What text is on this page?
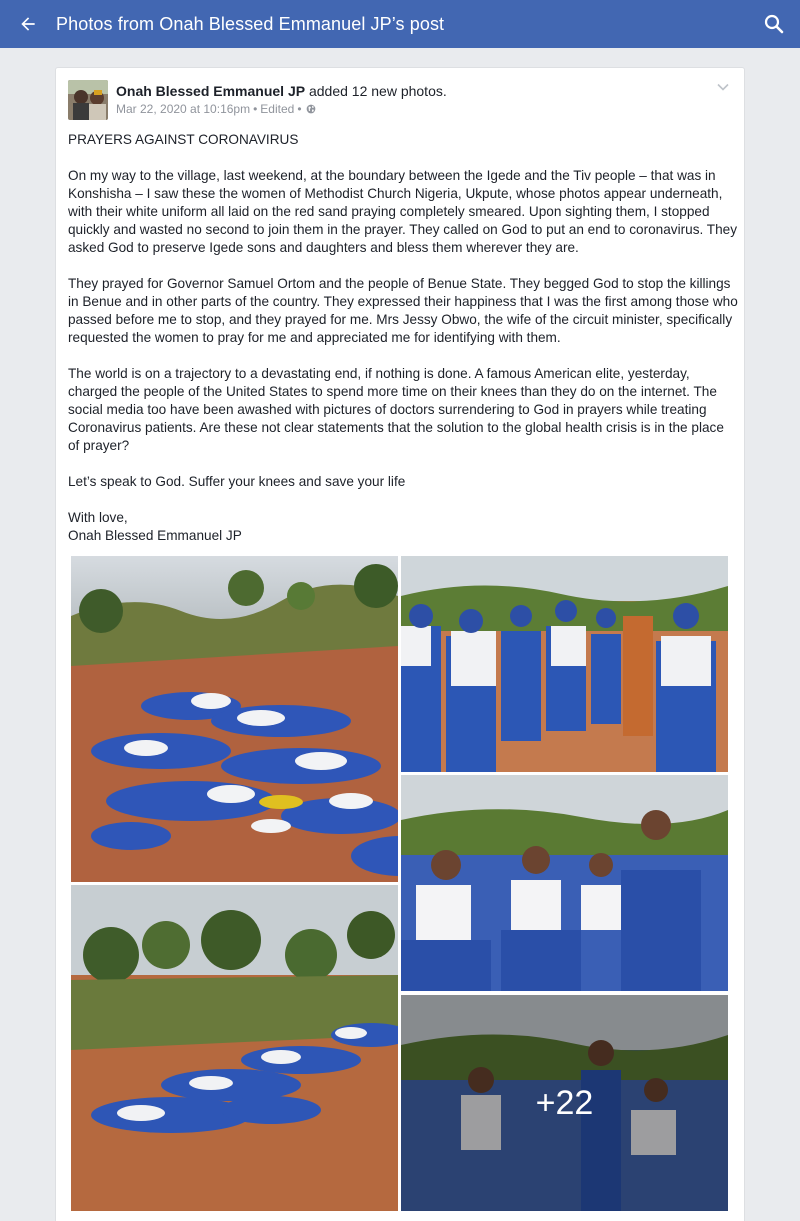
Photos from Onah Blessed Emmanuel JP’s post
Onah Blessed Emmanuel JP added 12 new photos.
Mar 22, 2020 at 10:16pm • Edited •

PRAYERS AGAINST CORONAVIRUS

On my way to the village, last weekend, at the boundary between the Igede and the Tiv people – that was in Konshisha – I saw these the women of Methodist Church Nigeria, Ukpute, whose photos appear underneath, with their white uniform all laid on the red sand praying completely smeared. Upon sighting them, I stopped quickly and wasted no second to join them in the prayer. They called on God to put an end to coronavirus. They asked God to preserve Igede sons and daughters and bless them wherever they are.

They prayed for Governor Samuel Ortom and the people of Benue State. They begged God to stop the killings in Benue and in other parts of the country. They expressed their happiness that I was the first among those who passed before me to stop, and they prayed for me. Mrs Jessy Obwo, the wife of the circuit minister, specifically requested the women to pray for me and appreciated me for identifying with them.

The world is on a trajectory to a devastating end, if nothing is done. A famous American elite, yesterday, charged the people of the United States to spend more time on their knees than they do on the internet. The social media too have been awashed with pictures of doctors surrendering to God in prayers while treating Coronavirus patients. Are these not clear statements that the solution to the global health crisis is in the place of prayer?

Let’s speak to God. Suffer your knees and save your life

With love,

Onah Blessed Emmanuel JP

+22
